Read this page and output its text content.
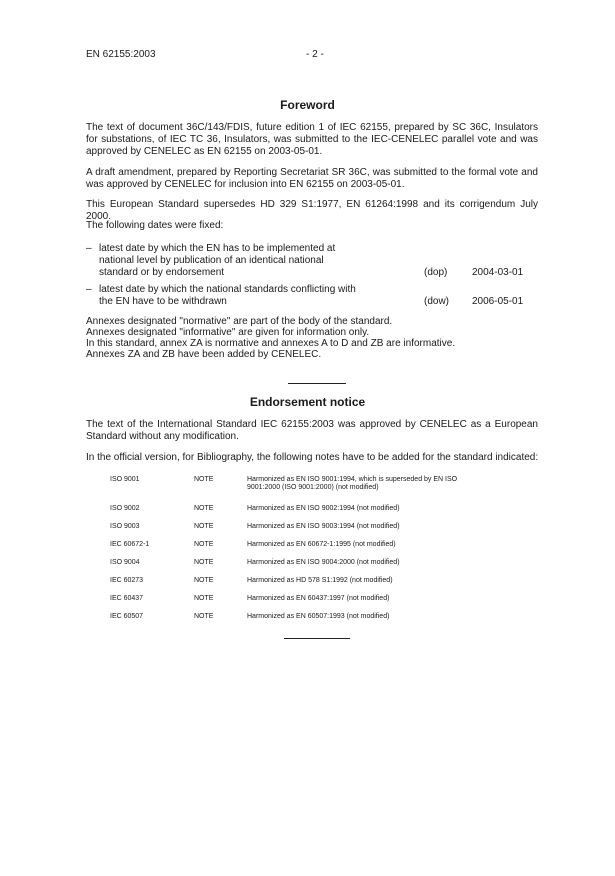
EN 62155:2003	- 2 -
Foreword

The text of document 36C/143/FDIS, future edition 1 of IEC 62155, prepared by SC 36C, Insulators for substations, of IEC TC 36, Insulators, was submitted to the IEC-CENELEC parallel vote and was approved by CENELEC as EN 62155 on 2003-05-01.

A draft amendment, prepared by Reporting Secretariat SR 36C, was submitted to the formal vote and was approved by CENELEC for inclusion into EN 62155 on 2003-05-01.

This European Standard supersedes HD 329 S1:1977, EN 61264:1998 and its corrigendum July 2000.

The following dates were fixed:

– latest date by which the EN has to be implemented at national level by publication of an identical national standard or by endorsement	(dop) 2004-03-01
– latest date by which the national standards conflicting with the EN have to be withdrawn	(dow) 2006-05-01

Annexes designated "normative" are part of the body of the standard.

Annexes designated "informative" are given for information only.

In this standard, annex ZA is normative and annexes A to D and ZB are informative.

Annexes ZA and ZB have been added by CENELEC.

Endorsement notice

The text of the International Standard IEC 62155:2003 was approved by CENELEC as a European Standard without any modification.

In the official version, for Bibliography, the following notes have to be added for the standard indicated:

ISO 9001	NOTE	Harmonized as EN ISO 9001:1994, which is superseded by EN ISO 9001:2000 (ISO 9001:2000) (not modified)
ISO 9002	NOTE	Harmonized as EN ISO 9002:1994 (not modified)
ISO 9003	NOTE	Harmonized as EN ISO 9003:1994 (not modified)
IEC 60672-1	NOTE	Harmonized as EN 60672-1:1995 (not modified)
ISO 9004	NOTE	Harmonized as EN ISO 9004:2000 (not modified)
IEC 60273	NOTE	Harmonized as HD 578 S1:1992 (not modified)
IEC 60437	NOTE	Harmonized as EN 60437:1997 (not modified)
IEC 60507	NOTE	Harmonized as EN 60507:1993 (not modified)
